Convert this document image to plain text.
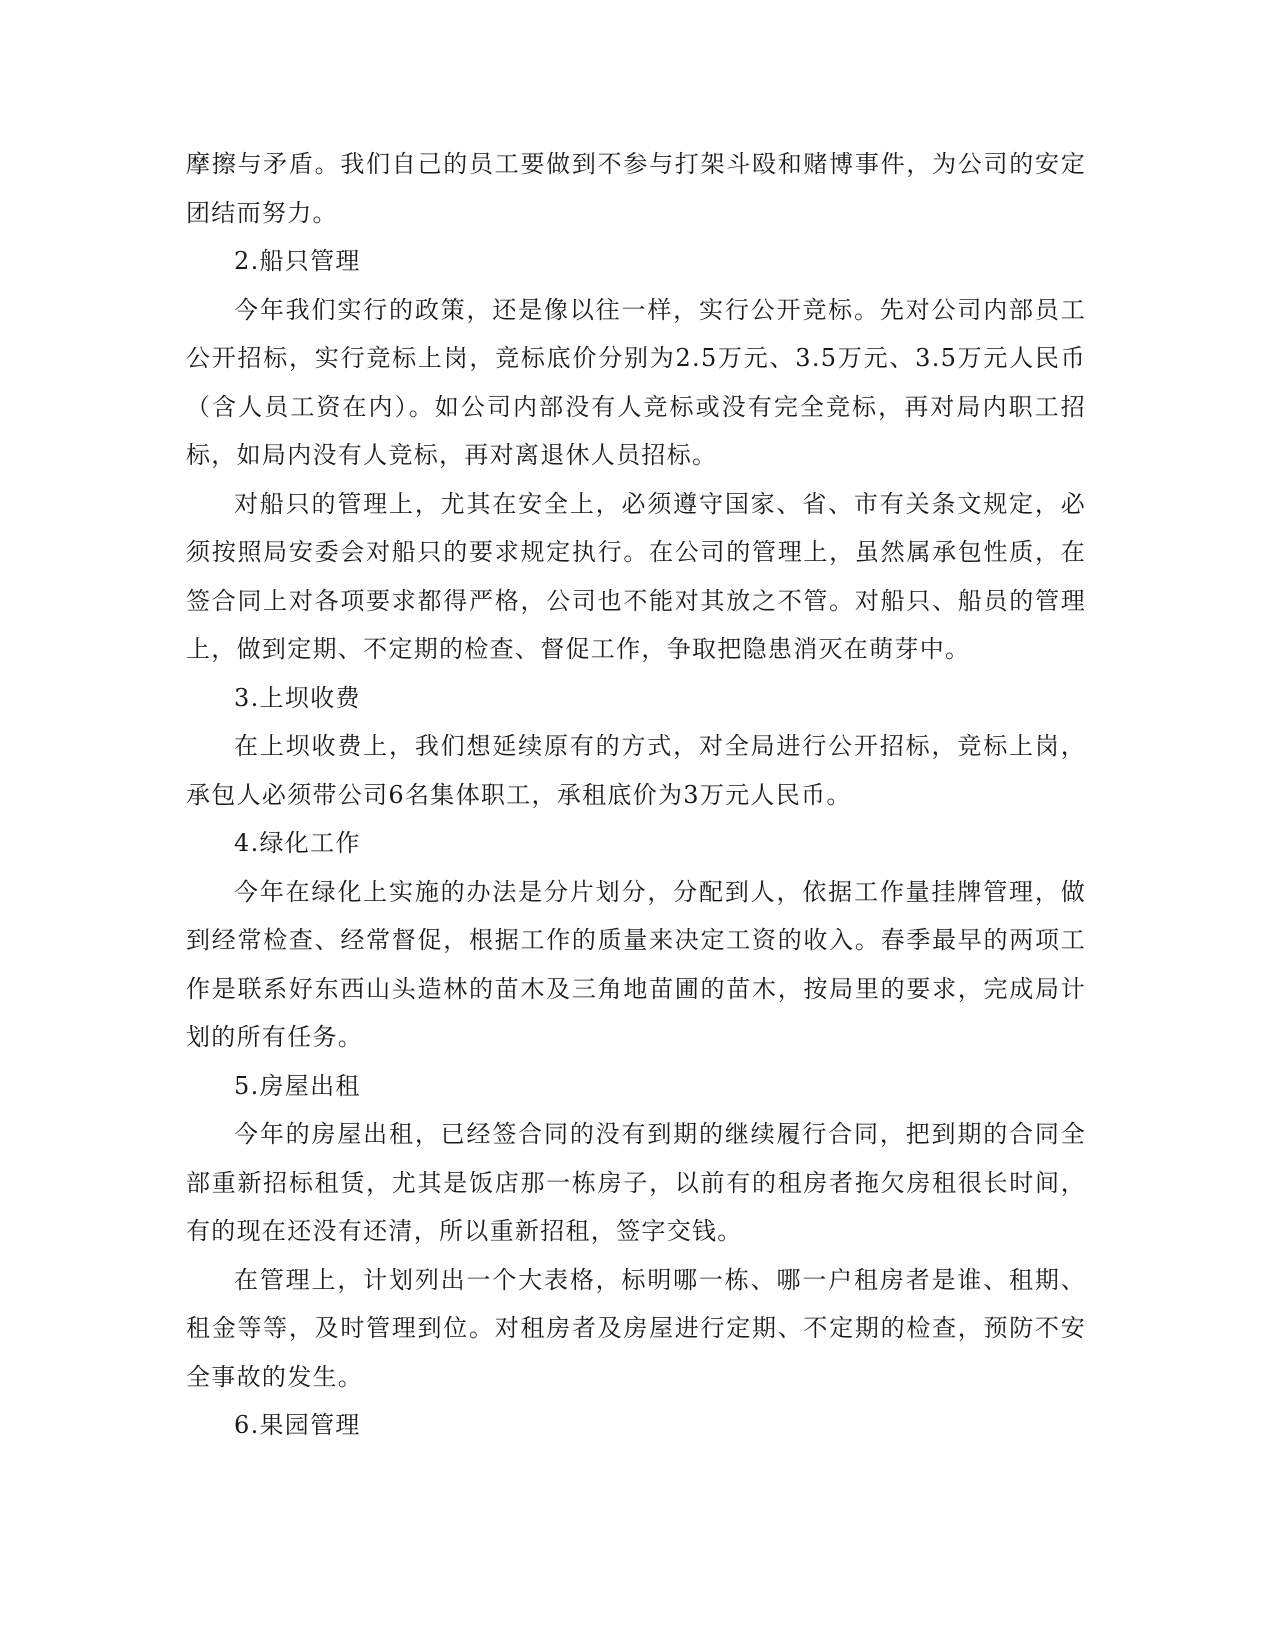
摩擦与矛盾。我们自己的员工要做到不参与打架斗殴和赌博事件，为公司的安定团结而努力。

2.船只管理

今年我们实行的政策，还是像以往一样，实行公开竞标。先对公司内部员工公开招标，实行竞标上岗，竞标底价分别为2.5万元、3.5万元、3.5万元人民币（含人员工资在内）。如公司内部没有人竞标或没有完全竞标，再对局内职工招标，如局内没有人竞标，再对离退休人员招标。

对船只的管理上，尤其在安全上，必须遵守国家、省、市有关条文规定，必须按照局安委会对船只的要求规定执行。在公司的管理上，虽然属承包性质，在签合同上对各项要求都得严格，公司也不能对其放之不管。对船只、船员的管理上，做到定期、不定期的检查、督促工作，争取把隐患消灭在萌芽中。

3.上坝收费

在上坝收费上，我们想延续原有的方式，对全局进行公开招标，竞标上岗，承包人必须带公司6名集体职工，承租底价为3万元人民币。

4.绿化工作

今年在绿化上实施的办法是分片划分，分配到人，依据工作量挂牌管理，做到经常检查、经常督促，根据工作的质量来决定工资的收入。春季最早的两项工作是联系好东西山头造林的苗木及三角地苗圃的苗木，按局里的要求，完成局计划的所有任务。

5.房屋出租

今年的房屋出租，已经签合同的没有到期的继续履行合同，把到期的合同全部重新招标租赁，尤其是饭店那一栋房子，以前有的租房者拖欠房租很长时间，有的现在还没有还清，所以重新招租，签字交钱。

在管理上，计划列出一个大表格，标明哪一栋、哪一户租房者是谁、租期、租金等等，及时管理到位。对租房者及房屋进行定期、不定期的检查，预防不安全事故的发生。

6.果园管理
